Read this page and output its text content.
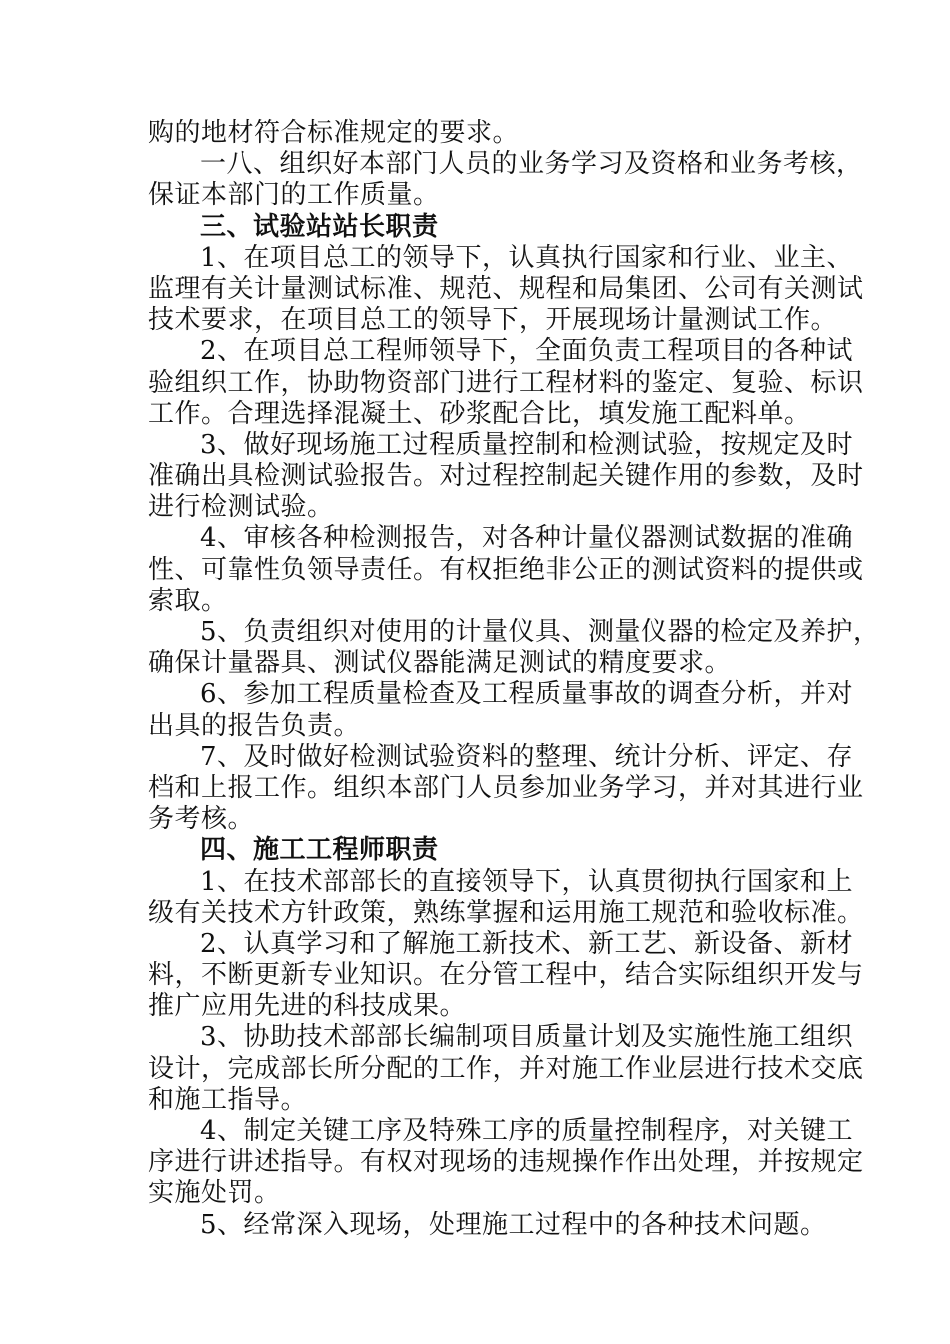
购的地材符合标准规定的要求。
一八、组织好本部门人员的业务学习及资格和业务考核，
保证本部门的工作质量。
三、试验站站长职责
1、在项目总工的领导下，认真执行国家和行业、业主、
监理有关计量测试标准、规范、规程和局集团、公司有关测试
技术要求，在项目总工的领导下，开展现场计量测试工作。
2、在项目总工程师领导下，全面负责工程项目的各种试
验组织工作，协助物资部门进行工程材料的鉴定、复验、标识
工作。合理选择混凝土、砂浆配合比，填发施工配料单。
3、做好现场施工过程质量控制和检测试验，按规定及时
准确出具检测试验报告。对过程控制起关键作用的参数，及时
进行检测试验。
4、审核各种检测报告，对各种计量仪器测试数据的准确
性、可靠性负领导责任。有权拒绝非公正的测试资料的提供或
索取。
5、负责组织对使用的计量仪具、测量仪器的检定及养护，
确保计量器具、测试仪器能满足测试的精度要求。
6、参加工程质量检查及工程质量事故的调查分析，并对
出具的报告负责。
7、及时做好检测试验资料的整理、统计分析、评定、存
档和上报工作。组织本部门人员参加业务学习，并对其进行业
务考核。
四、施工工程师职责
1、在技术部部长的直接领导下，认真贯彻执行国家和上
级有关技术方针政策，熟练掌握和运用施工规范和验收标准。
2、认真学习和了解施工新技术、新工艺、新设备、新材
料，不断更新专业知识。在分管工程中，结合实际组织开发与
推广应用先进的科技成果。
3、协助技术部部长编制项目质量计划及实施性施工组织
设计，完成部长所分配的工作，并对施工作业层进行技术交底
和施工指导。
4、制定关键工序及特殊工序的质量控制程序，对关键工
序进行讲述指导。有权对现场的违规操作作出处理，并按规定
实施处罚。
5、经常深入现场，处理施工过程中的各种技术问题。
